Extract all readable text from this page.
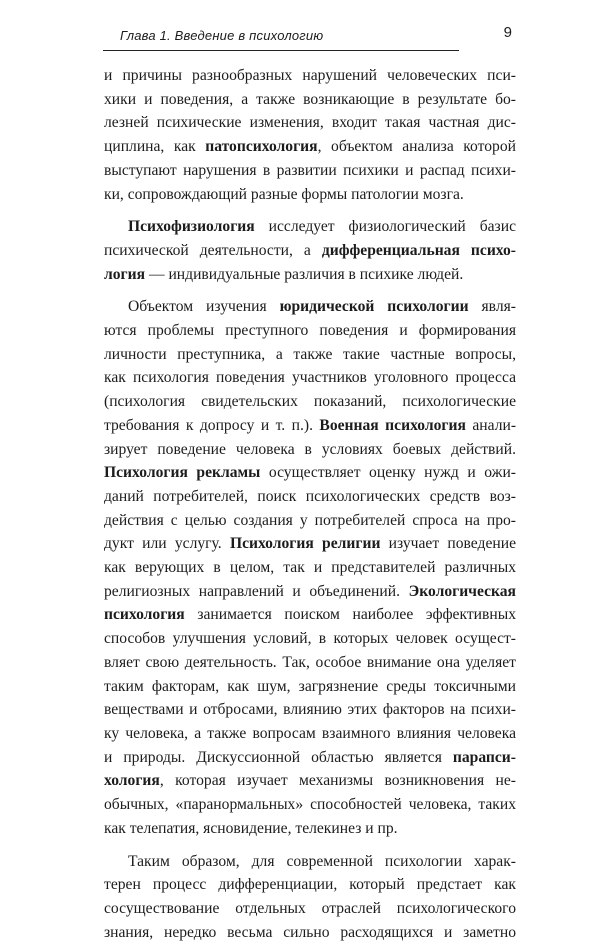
Глава 1. Введение в психологию	9
и причины разнообразных нарушений человеческих пси-
хики и поведения, а также возникающие в результате бо-
лезней психические изменения, входит такая частная дис-
циплина, как патопсихология, объектом анализа которой
выступают нарушения в развитии психики и распад психи-
ки, сопровождающий разные формы патологии мозга.
Психофизиология исследует физиологический базис
психической деятельности, а дифференциальная психо-
логия — индивидуальные различия в психике людей.
Объектом изучения юридической психологии явля-
ются проблемы преступного поведения и формирования
личности преступника, а также такие частные вопросы,
как психология поведения участников уголовного процесса
(психология свидетельских показаний, психологические
требования к допросу и т. п.). Военная психология анали-
зирует поведение человека в условиях боевых действий.
Психология рекламы осуществляет оценку нужд и ожи-
даний потребителей, поиск психологических средств воз-
действия с целью создания у потребителей спроса на про-
дукт или услугу. Психология религии изучает поведение
как верующих в целом, так и представителей различных
религиозных направлений и объединений. Экологическая
психология занимается поиском наиболее эффективных
способов улучшения условий, в которых человек осущест-
вляет свою деятельность. Так, особое внимание она уделяет
таким факторам, как шум, загрязнение среды токсичными
веществами и отбросами, влиянию этих факторов на психи-
ку человека, а также вопросам взаимного влияния человека
и природы. Дискуссионной областью является парапси-
хология, которая изучает механизмы возникновения не-
обычных, «паранормальных» способностей человека, таких
как телепатия, ясновидение, телекинез и пр.
Таким образом, для современной психологии харак-
терен процесс дифференциации, который предстает как
сосуществование отдельных отраслей психологического
знания, нередко весьма сильно расходящихся и заметно
